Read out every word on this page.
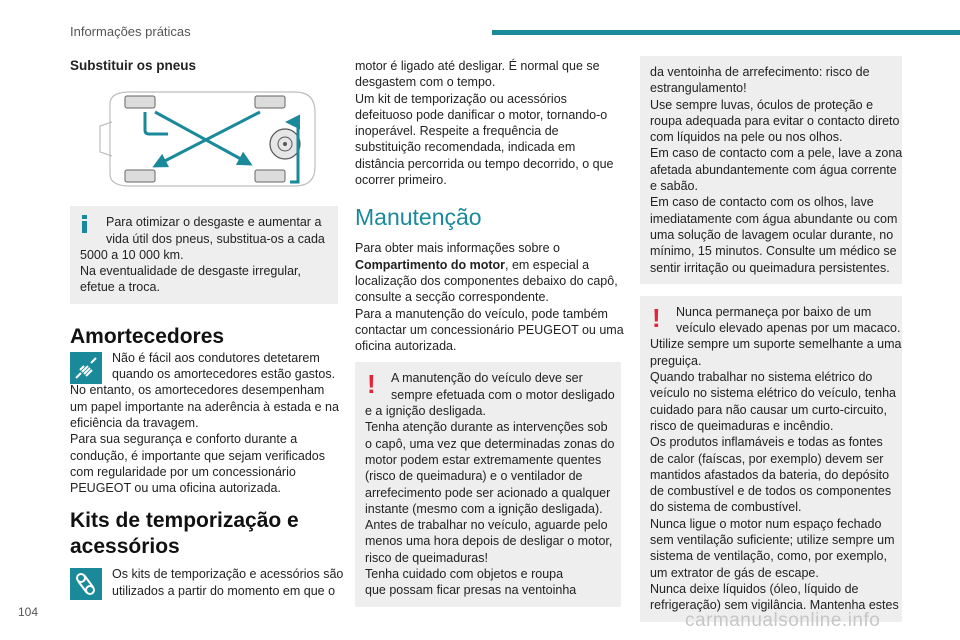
Informações práticas
Substituir os pneus
Para otimizar o desgaste e aumentar a
vida útil dos pneus, substitua-os a cada
5000 a 10 000 km.
Na eventualidade de desgaste irregular,
efetue a troca.
Amortecedores
Não é fácil aos condutores detetarem
quando os amortecedores estão gastos.
No entanto, os amortecedores desempenham
um papel importante na aderência à estada e na
eficiência da travagem.
Para sua segurança e conforto durante a
condução, é importante que sejam verificados
com regularidade por um concessionário
PEUGEOT ou uma oficina autorizada.
Kits de temporização e
acessórios
Os kits de temporização e acessórios são
utilizados a partir do momento em que o
motor é ligado até desligar. É normal que se
desgastem com o tempo.
Um kit de temporização ou acessórios
defeituoso pode danificar o motor, tornando-o
inoperável. Respeite a frequência de
substituição recomendada, indicada em
distância percorrida ou tempo decorrido, o que
ocorrer primeiro.
Manutenção
Para obter mais informações sobre o
Compartimento do motor, em especial a
localização dos componentes debaixo do capô,
consulte a secção correspondente.
Para a manutenção do veículo, pode também
contactar um concessionário PEUGEOT ou uma
oficina autorizada.
!	A manutenção do veículo deve ser
sempre efetuada com o motor desligado
e a ignição desligada.
Tenha atenção durante as intervenções sob
o capô, uma vez que determinadas zonas do
motor podem estar extremamente quentes
(risco de queimadura) e o ventilador de
arrefecimento pode ser acionado a qualquer
instante (mesmo com a ignição desligada).
Antes de trabalhar no veículo, aguarde pelo
menos uma hora depois de desligar o motor,
risco de queimaduras!
Tenha cuidado com objetos e roupa
que possam ficar presas na ventoinha
da ventoinha de arrefecimento: risco de
estrangulamento!
Use sempre luvas, óculos de proteção e
roupa adequada para evitar o contacto direto
com líquidos na pele ou nos olhos.
Em caso de contacto com a pele, lave a zona
afetada abundantemente com água corrente
e sabão.
Em caso de contacto com os olhos, lave
imediatamente com água abundante ou com
uma solução de lavagem ocular durante, no
mínimo, 15 minutos. Consulte um médico se
sentir irritação ou queimadura persistentes.
!	Nunca permaneça por baixo de um
veículo elevado apenas por um macaco.
Utilize sempre um suporte semelhante a uma
preguiça.
Quando trabalhar no sistema elétrico do
veículo no sistema elétrico do veículo, tenha
cuidado para não causar um curto-circuito,
risco de queimaduras e incêndio.
Os produtos inflamáveis e todas as fontes
de calor (faíscas, por exemplo) devem ser
mantidos afastados da bateria, do depósito
de combustível e de todos os componentes
do sistema de combustível.
Nunca ligue o motor num espaço fechado
sem ventilação suficiente; utilize sempre um
sistema de ventilação, como, por exemplo,
um extrator de gás de escape.
Nunca deixe líquidos (óleo, líquido de
refrigeração) sem vigilância. Mantenha estes
104	carmanualsonline.info
